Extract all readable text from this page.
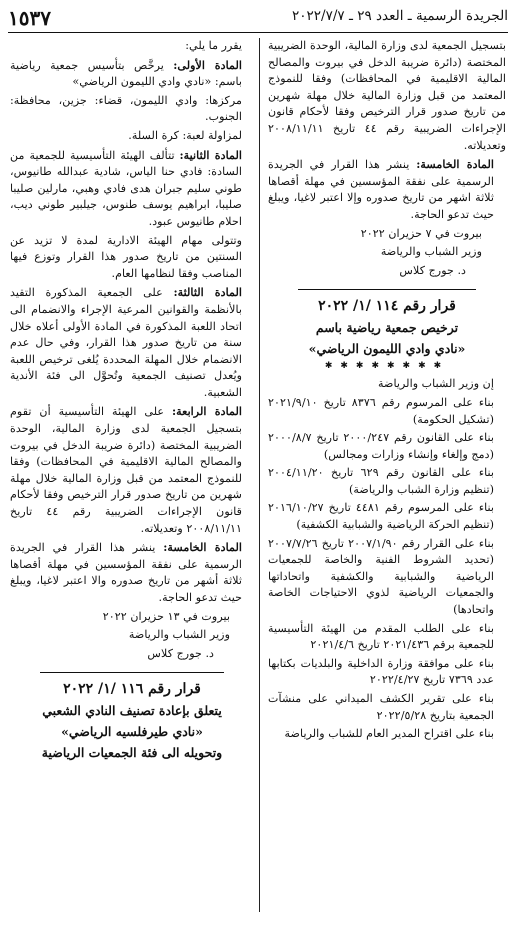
الجريدة الرسمية ـ العدد ٢٩ ـ ٢٠٢٢/٧/٧
١٥٣٧

بتسجيل الجمعية لدى وزارة المالية، الوحدة الضريبية المختصة (دائرة ضريبة الدخل في بيروت والمصالح المالية الاقليمية في المحافظات) وفقا للنموذج المعتمد من قبل وزارة المالية خلال مهلة شهرين من تاريخ صدور قرار الترخيص وفقا لأحكام قانون الإجراءات الضريبية رقم ٤٤ تاريخ ٢٠٠٨/١١/١١ وتعديلاته.

المادة الخامسة: ينشر هذا القرار في الجريدة الرسمية على نفقة المؤسسين في مهلة أقصاها ثلاثة اشهر من تاريخ صدوره وإلا اعتبر لاغيا، ويبلغ حيث تدعو الحاجة.

بيروت في ٧ حزيران ٢٠٢٢

وزير الشباب والرياضة

د. جورج كلاس

قرار رقم ١١٤ /١/ ٢٠٢٢

ترخيص جمعية رياضية باسم

«نادي وادي الليمون الرياضي»

✱✱✱✱✱✱✱✱

إن وزير الشباب والرياضة

بناء على المرسوم رقم ٨٣٧٦ تاريخ ٢٠٢١/٩/١٠ (تشكيل الحكومة)

بناء على القانون رقم ٢٠٠٠/٢٤٧ تاريخ ٢٠٠٠/٨/٧ (دمج وإلغاء وإنشاء وزارات ومجالس)

بناء على القانون رقم ٦٢٩ تاريخ ٢٠٠٤/١١/٢٠ (تنظيم وزارة الشباب والرياضة)

بناء على المرسوم رقم ٤٤٨١ تاريخ ٢٠١٦/١٠/٢٧ (تنظيم الحركة الرياضية والشبابية الكشفية)

بناء على القرار رقم ٢٠٠٧/١/٩٠ تاريخ ٢٠٠٧/٧/٢٦ (تحديد الشروط الفنية والخاصة للجمعيات الرياضية والشبابية والكشفية واتحاداتها والجمعيات الرياضية لذوي الاحتياجات الخاصة واتحادها)

بناء على الطلب المقدم من الهيئة التأسيسية للجمعية برقم ٢٠٢١/٤٣٦ تاريخ ٢٠٢١/٤/٦

بناء على موافقة وزارة الداخلية والبلديات بكتابها عدد ٧٣٦٩ تاريخ ٢٠٢٢/٤/٢٧

بناء على تقرير الكشف الميداني على منشآت الجمعية بتاريخ ٢٠٢٢/٥/٢٨

بناء على اقتراح المدير العام للشباب والرياضة

يقرر ما يلي:

المادة الأولى: يرخَّص بتأسيس جمعية رياضية باسم: «نادي وادي الليمون الرياضي»

مركزها: وادي الليمون، قضاء: جزين، محافظة: الجنوب.

لمزاولة لعبة: كرة السلة.

المادة الثانية: تتألف الهيئة التأسيسية للجمعية من السادة: فادي حنا الياس، شادية عبدالله طانيوس، طوني سليم جبران هدى فادي وهبي، مارلين صليبا صليبا، ابراهيم يوسف طنوس، جيلبير طوني ديب، احلام طانيوس عبود.

وتتولى مهام الهيئة الادارية لمدة لا تزيد عن السنتين من تاريخ صدور هذا القرار وتوزع فيها المناصب وفقا لنظامها العام.

المادة الثالثة: على الجمعية المذكورة التقيد بالأنظمة والقوانين المرعية الإجراء والانضمام الى اتحاد اللعبة المذكورة في المادة الأولى أعلاه خلال سنة من تاريخ صدور هذا القرار، وفي حال عدم الانضمام خلال المهلة المحددة يُلغى ترخيص اللعبة ويُعدل تصنيف الجمعية وتُحوَّل الى فئة الأندية الشعبية.

المادة الرابعة: على الهيئة التأسيسية أن تقوم بتسجيل الجمعية لدى وزارة المالية، الوحدة الضريبية المختصة (دائرة ضريبة الدخل في بيروت والمصالح المالية الاقليمية في المحافظات) وفقا للنموذج المعتمد من قبل وزارة المالية خلال مهلة شهرين من تاريخ صدور قرار الترخيص وفقا لأحكام قانون الإجراءات الضريبية رقم ٤٤ تاريخ ٢٠٠٨/١١/١١ وتعديلاته.

المادة الخامسة: ينشر هذا القرار في الجريدة الرسمية على نفقة المؤسسين في مهلة أقصاها ثلاثة أشهر من تاريخ صدوره والا اعتبر لاغيا، ويبلغ حيث تدعو الحاجة.

بيروت في ١٣ حزيران ٢٠٢٢

وزير الشباب والرياضة

د. جورج كلاس

قرار رقم ١١٦ /١/ ٢٠٢٢

يتعلق بإعادة تصنيف النادي الشعبي

«نادي طيرفلسيه الرياضي»

وتحويله الى فئة الجمعيات الرياضية
